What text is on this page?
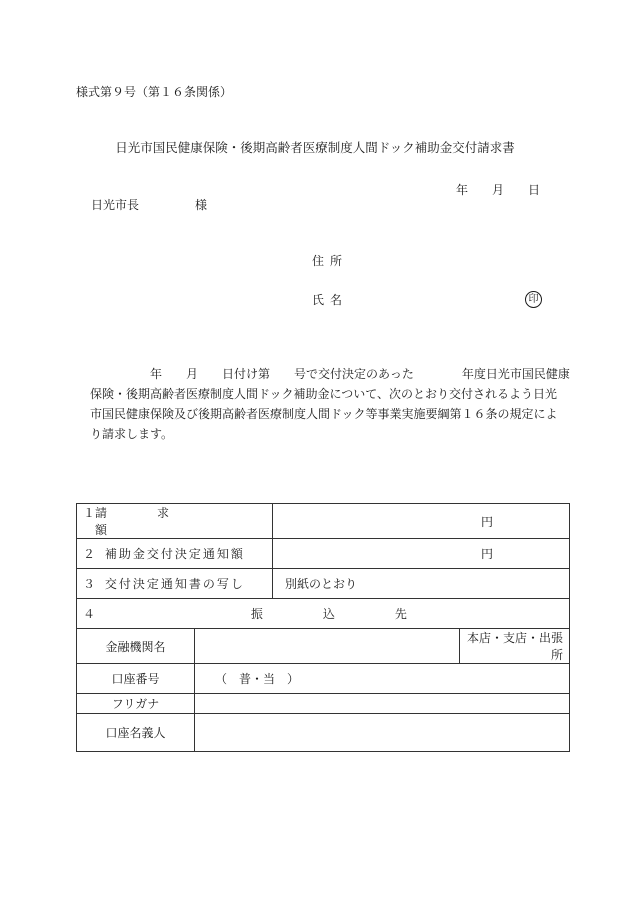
様式第９号（第１６条関係）
日光市国民健康保険・後期高齢者医療制度人間ドック補助金交付請求書
年 月 日
日光市長	様
住所
氏名	印

　　　　　年　　月　　日付け第　　号で交付決定のあった　　　　年度日光市国民健康
保険・後期高齢者医療制度人間ドック補助金について、次のとおり交付されるよう日光
市国民健康保険及び後期高齢者医療制度人間ドック等事業実施要綱第１６条の規定によ
り請求します。

１ 請求額		円	
２ 補助金交付決定通知額		円	
３ 交付決定通知書の写し		別紙のとおり	
４ 振込先			
金融機関名			本店・支店・出張所
口座番号	（　普・当　）		
フリガナ			
口座名義人			
